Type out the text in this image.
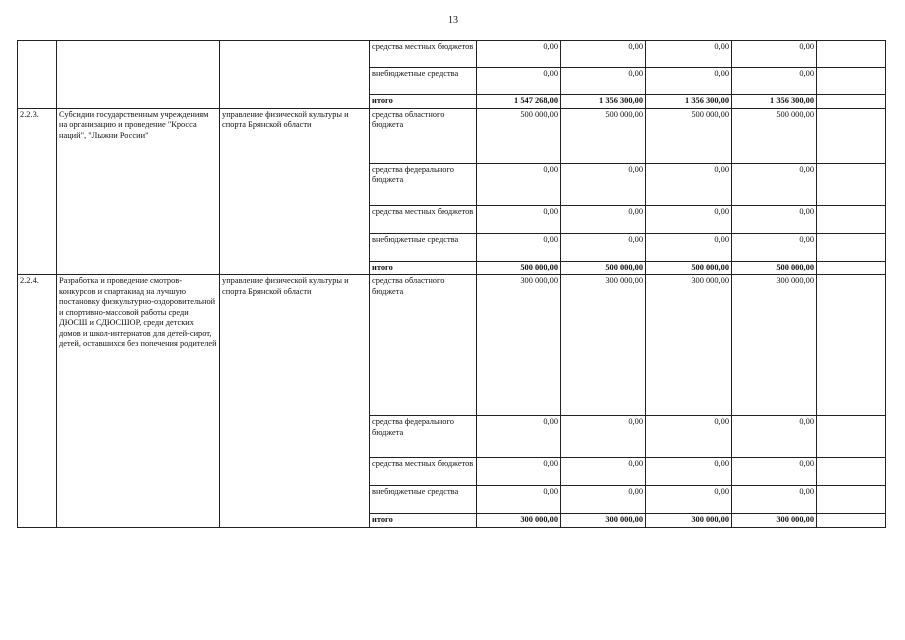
13
			средства местных бюджетов	0,00	0,00	0,00	0,00	
			внебюджетные средства	0,00	0,00	0,00	0,00	
			итого	1 547 268,00	1 356 300,00	1 356 300,00	1 356 300,00	
2.2.3.	Субсидии государственным учреждениям на организацию и проведение "Кросса наций", "Лыжни России"	управление физической культуры и спорта Брянской области	средства областного бюджета	500 000,00	500 000,00	500 000,00	500 000,00	
			средства федерального бюджета	0,00	0,00	0,00	0,00	
			средства местных бюджетов	0,00	0,00	0,00	0,00	
			внебюджетные средства	0,00	0,00	0,00	0,00	
			итого	500 000,00	500 000,00	500 000,00	500 000,00	
2.2.4.	Разработка и проведение смотров-конкурсов и спартакиад на лучшую постановку физкультурно-оздоровительной и спортивно-массовой работы среди ДЮСШ и СДЮСШОР, среди детских домов и школ-интернатов для детей-сирот, детей, оставшихся без попечения родителей	управление физической культуры и спорта Брянской области	средства областного бюджета	300 000,00	300 000,00	300 000,00	300 000,00	
			средства федерального бюджета	0,00	0,00	0,00	0,00	
			средства местных бюджетов	0,00	0,00	0,00	0,00	
			внебюджетные средства	0,00	0,00	0,00	0,00	
			итого	300 000,00	300 000,00	300 000,00	300 000,00	
